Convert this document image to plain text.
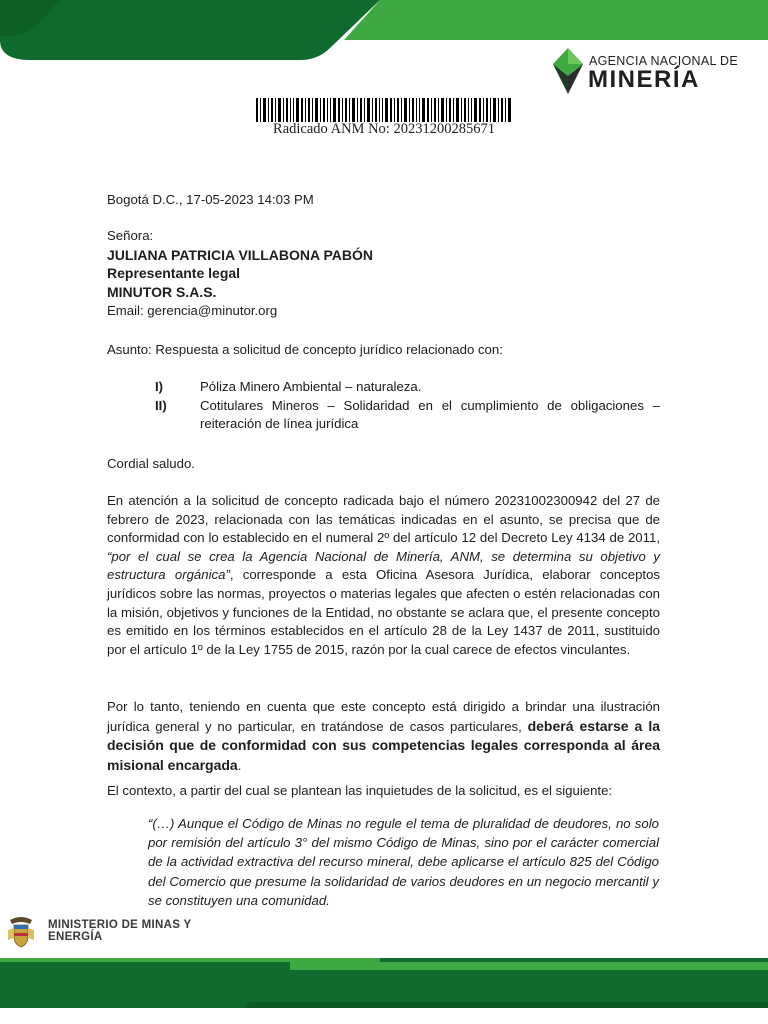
AGENCIA NACIONAL DE
MINERÍA
Radicado ANM No: 20231200285671
Bogotá D.C., 17-05-2023 14:03 PM
Señora:
JULIANA PATRICIA VILLABONA PABÓN
Representante legal
MINUTOR S.A.S.
Email: gerencia@minutor.org
Asunto: Respuesta a solicitud de concepto jurídico relacionado con:
I)	Póliza Minero Ambiental – naturaleza.
II)	Cotitulares Mineros – Solidaridad en el cumplimiento de obligaciones – reiteración de línea jurídica
Cordial saludo.
En atención a la solicitud de concepto radicada bajo el número 20231002300942 del 27 de febrero de 2023, relacionada con las temáticas indicadas en el asunto, se precisa que de conformidad con lo establecido en el numeral 2º del artículo 12 del Decreto Ley 4134 de 2011, “por el cual se crea la Agencia Nacional de Minería, ANM, se determina su objetivo y estructura orgánica”, corresponde a esta Oficina Asesora Jurídica, elaborar conceptos jurídicos sobre las normas, proyectos o materias legales que afecten o estén relacionadas con la misión, objetivos y funciones de la Entidad, no obstante se aclara que, el presente concepto es emitido en los términos establecidos en el artículo 28 de la Ley 1437 de 2011, sustituido por el artículo 1º de la Ley 1755 de 2015, razón por la cual carece de efectos vinculantes.
Por lo tanto, teniendo en cuenta que este concepto está dirigido a brindar una ilustración jurídica general y no particular, en tratándose de casos particulares, deberá estarse a la decisión que de conformidad con sus competencias legales corresponda al área misional encargada.
El contexto, a partir del cual se plantean las inquietudes de la solicitud, es el siguiente:
“(…) Aunque el Código de Minas no regule el tema de pluralidad de deudores, no solo por remisión del artículo 3° del mismo Código de Minas, sino por el carácter comercial de la actividad extractiva del recurso mineral, debe aplicarse el artículo 825 del Código del Comercio que presume la solidaridad de varios deudores en un negocio mercantil y se constituyen una comunidad.
MINISTERIO DE MINAS Y
ENERGÍA
